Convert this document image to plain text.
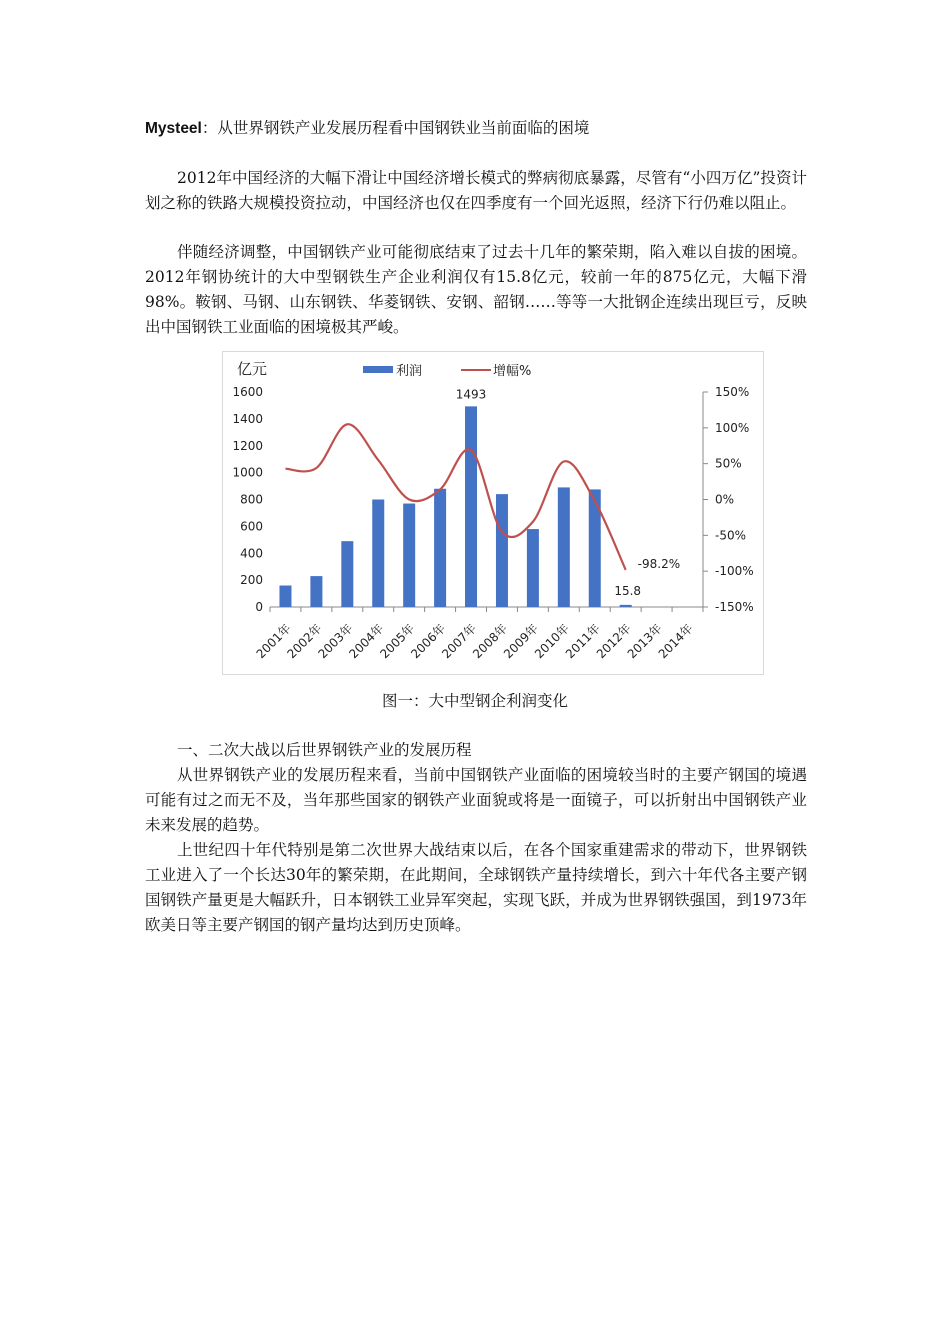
Mysteel：从世界钢铁产业发展历程看中国钢铁业当前面临的困境
2012年中国经济的大幅下滑让中国经济增长模式的弊病彻底暴露，尽管有“小四万亿”投资计划之称的铁路大规模投资拉动，中国经济也仅在四季度有一个回光返照，经济下行仍难以阻止。
伴随经济调整，中国钢铁产业可能彻底结束了过去十几年的繁荣期，陷入难以自拔的困境。2012年钢协统计的大中型钢铁生产企业利润仅有15.8亿元，较前一年的875亿元，大幅下滑98%。鞍钢、马钢、山东钢铁、华菱钢铁、安钢、韶钢……等等一大批钢企连续出现巨亏，反映出中国钢铁工业面临的困境极其严峻。
0
200
400
600
800
1000
1200
1400
1600
-150%
-100%
-50%
0%
50%
100%
150%
2001年
2002年
2003年
2004年
2005年
2006年
2007年
2008年
2009年
2010年
2011年
2012年
2013年
2014年
1493
15.8
-98.2%
亿元	利润	增幅%
图一：大中型钢企利润变化
一、二次大战以后世界钢铁产业的发展历程
从世界钢铁产业的发展历程来看，当前中国钢铁产业面临的困境较当时的主要产钢国的境遇可能有过之而无不及，当年那些国家的钢铁产业面貌或将是一面镜子，可以折射出中国钢铁产业未来发展的趋势。
上世纪四十年代特别是第二次世界大战结束以后，在各个国家重建需求的带动下，世界钢铁工业进入了一个长达30年的繁荣期，在此期间，全球钢铁产量持续增长，到六十年代各主要产钢国钢铁产量更是大幅跃升，日本钢铁工业异军突起，实现飞跃，并成为世界钢铁强国，到1973年欧美日等主要产钢国的钢产量均达到历史顶峰。
